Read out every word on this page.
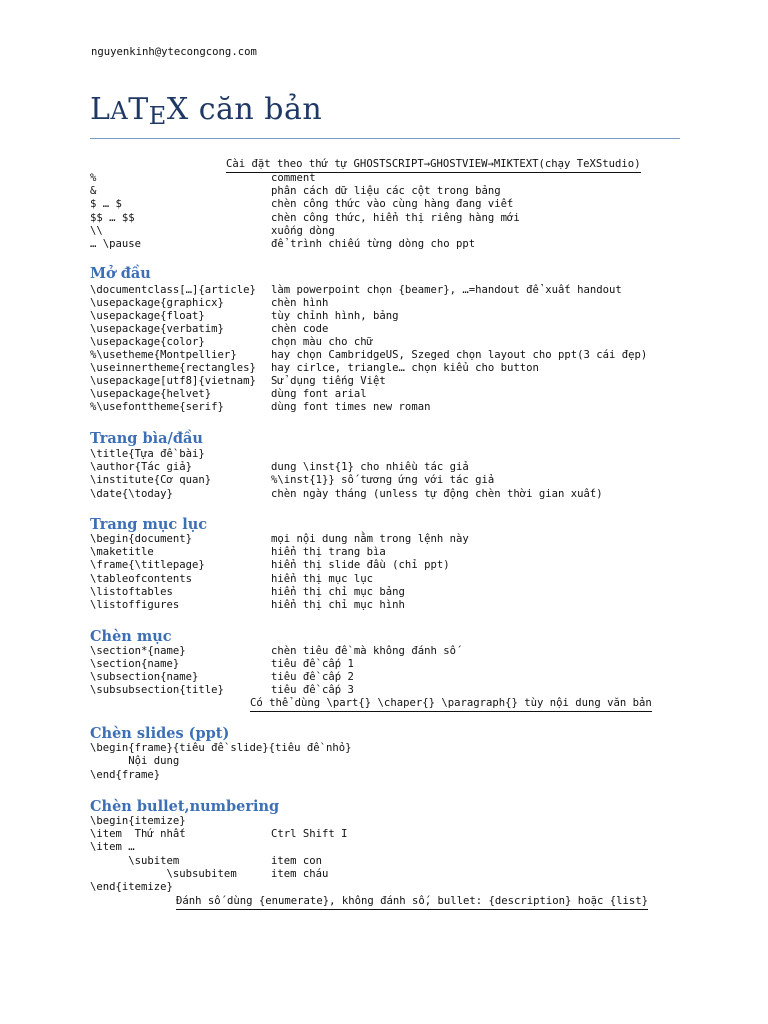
nguyenkinh@ytecongcong.com
LATEX căn bản
Cài đặt theo thứ tự GHOSTSCRIPT→GHOSTVIEW→MIKTEXT(chạy TeXStudio)
%	comment
&	phân cách dữ liệu các cột trong bảng
$ … $	chèn công thức vào cùng hàng đang viết
$$ … $$	chèn công thức, hiển thị riêng hàng mới
\\	xuống dòng
… \pause	để trình chiếu từng dòng cho ppt
Mở đầu
\documentclass[…]{article} làm powerpoint chọn {beamer}, …=handout để xuất handout
\usepackage{graphicx}	chèn hình
\usepackage{float}	tùy chỉnh hình, bảng
\usepackage{verbatim}	chèn code
\usepackage{color}	chọn màu cho chữ
%\usetheme{Montpellier}	hay chọn CambridgeUS, Szeged chọn layout cho ppt(3 cái đẹp)
\useinnertheme{rectangles} hay cirlce, triangle… chọn kiểu cho button
\usepackage[utf8]{vietnam} Sử dụng tiếng Việt
\usepackage{helvet}	dùng font arial
%\usefonttheme{serif}	dùng font times new roman
Trang bìa/đầu
\title{Tựa đề bài}
\author{Tác giả}	dung \inst{1} cho nhiều tác giả
\institute{Cơ quan}	%\inst{1}} số tương ứng với tác giả
\date{\today}	chèn ngày tháng (unless tự động chèn thời gian xuất)
Trang mục lục
\begin{document}	mọi nội dung nằm trong lệnh này
\maketitle	hiển thị trang bìa
\frame{\titlepage}	hiển thị slide đầu (chỉ ppt)
\tableofcontents	hiển thị mục lục
\listoftables	hiển thị chỉ mục bảng
\listoffigures	hiển thị chỉ mục hình
Chèn mục
\section*{name}	chèn tiêu đề mà không đánh số
\section{name}	tiêu đề cấp 1
\subsection{name}	tiêu đề cấp 2
\subsubsection{title}	tiêu đề cấp 3
Có thể dùng \part{} \chaper{} \paragraph{} tùy nội dung văn bản
Chèn slides (ppt)
\begin{frame}{tiêu đề slide}{tiêu đề nhỏ}
Nội dung
\end{frame}
Chèn bullet,numbering
\begin{itemize}
\item  Thứ nhất	Ctrl Shift I
\item …
\subitem	item con
\subsubitem	item cháu
\end{itemize}
Đánh số dùng {enumerate}, không đánh số, bullet: {description} hoặc {list}
